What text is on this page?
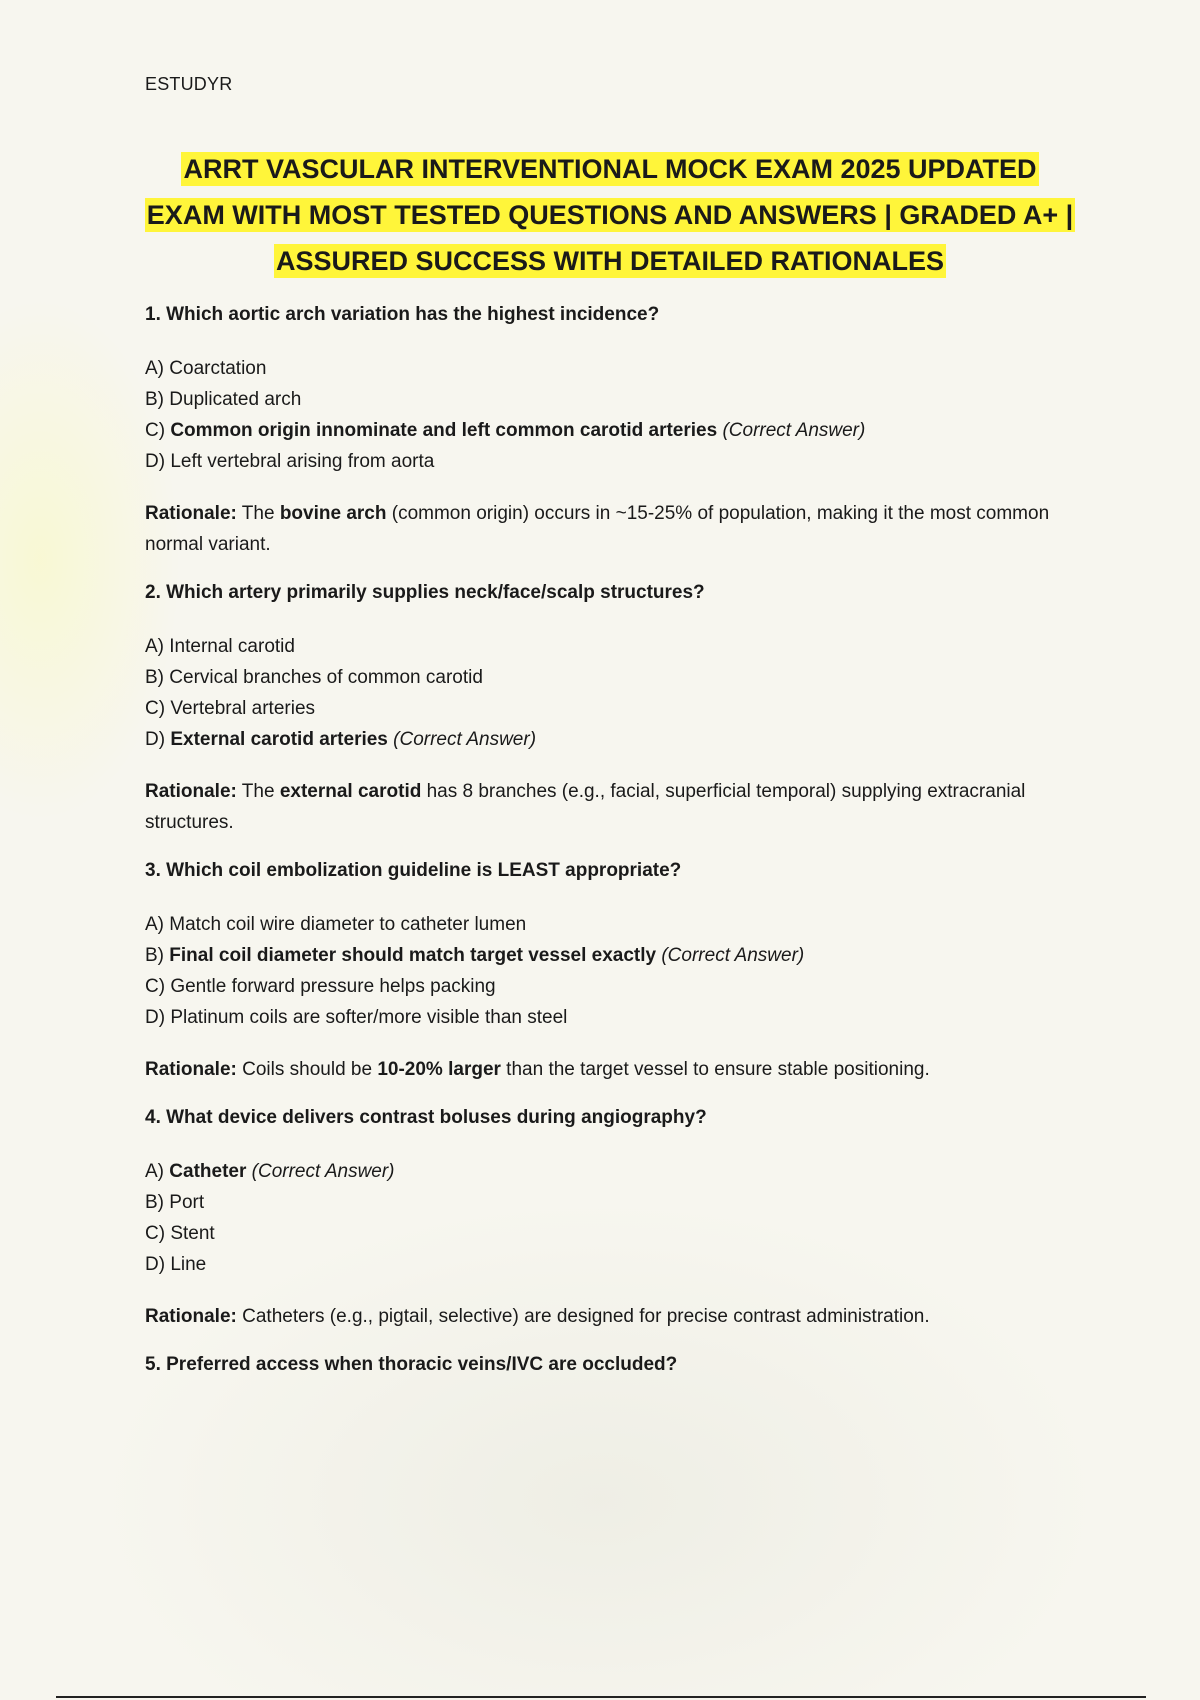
ESTUDYR
ARRT VASCULAR INTERVENTIONAL MOCK EXAM 2025 UPDATED
EXAM WITH MOST TESTED QUESTIONS AND ANSWERS | GRADED A+ |
ASSURED SUCCESS WITH DETAILED RATIONALES
1. Which aortic arch variation has the highest incidence?
A) Coarctation
B) Duplicated arch
C) Common origin innominate and left common carotid arteries (Correct Answer)
D) Left vertebral arising from aorta
Rationale: The bovine arch (common origin) occurs in ~15-25% of population, making it the most common normal variant.
2. Which artery primarily supplies neck/face/scalp structures?
A) Internal carotid
B) Cervical branches of common carotid
C) Vertebral arteries
D) External carotid arteries (Correct Answer)
Rationale: The external carotid has 8 branches (e.g., facial, superficial temporal) supplying extracranial structures.
3. Which coil embolization guideline is LEAST appropriate?
A) Match coil wire diameter to catheter lumen
B) Final coil diameter should match target vessel exactly (Correct Answer)
C) Gentle forward pressure helps packing
D) Platinum coils are softer/more visible than steel
Rationale: Coils should be 10-20% larger than the target vessel to ensure stable positioning.
4. What device delivers contrast boluses during angiography?
A) Catheter (Correct Answer)
B) Port
C) Stent
D) Line
Rationale: Catheters (e.g., pigtail, selective) are designed for precise contrast administration.
5. Preferred access when thoracic veins/IVC are occluded?
